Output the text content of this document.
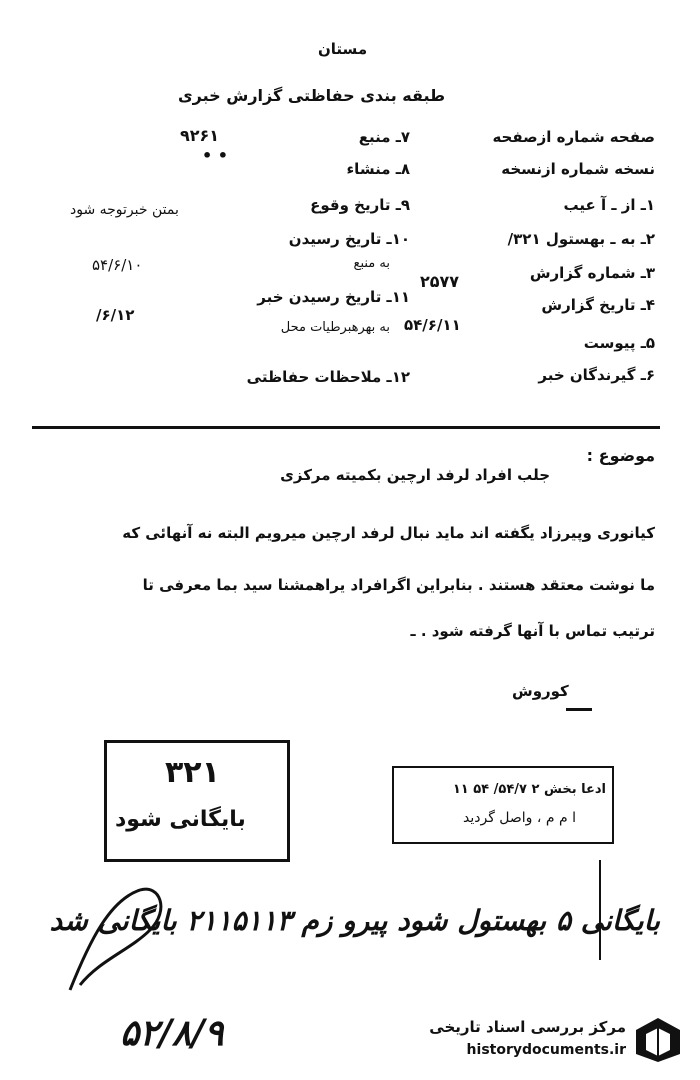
مستان
طبقه بندی حفاظتی گزارش خبری
صفحه شماره ازصفحه
نسخه شماره ازنسخه
۱ـ از ـ آ عیب
۲ـ به ـ بهستول ۳۲۱/
۳ـ شماره گزارش
۲۵۷۷
۴ـ تاریخ گزارش
۵۴/۶/۱۱
۵ـ پیوست
۶ـ گیرندگان خبر
۷ـ منبع
۹۲۶۱
• •
۸ـ منشاء
۹ـ تاریخ وقوع
بمتن خبرتوجه شود
۱۰ـ تاریخ رسیدن
به منبع
۵۴/۶/۱۰
۱۱ـ تاریخ رسیدن خبر
به بهرهبرطیات محل
/۶/۱۲
۱۲ـ ملاحظات حفاظتی
موضوع :
جلب افراد لرفد ارچین بکمیته مرکزی
کیانوری وپیرزاد یگفته اند ماید نبال لرفد ارچین میرویم البته نه آنهائی که
ما نوشت معتقد هستند . بنابراین اگرافراد یراهمشنا سید بما معرفی تا
ترتیب تماس با آنها گرفته شود . ـ
کوروش
۳۲۱
بایگانی شود
ادعا بخش ۲ ۵۴/۷/ ۵۴ ۱۱
ا م م ، واصل گردید
بایگانی ۵ بهستول شود پیرو زم ۲۱۱۵۱۱۳ بایگانی شد
۵۲/۸/۹	مرکز بررسی اسناد تاریخی
historydocuments.ir
